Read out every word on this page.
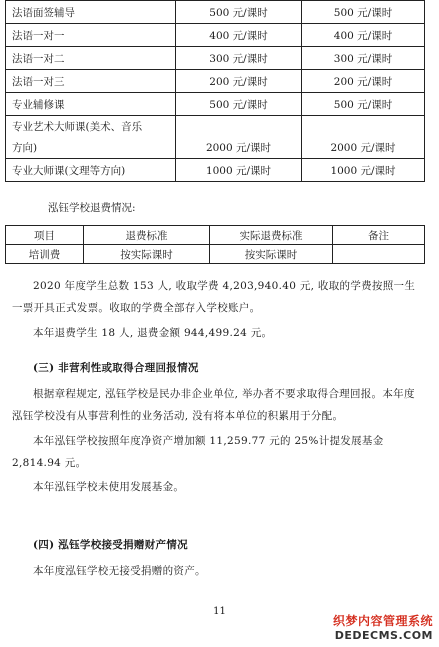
法语面签辅导	500 元/课时	500 元/课时
法语一对一	400 元/课时	400 元/课时
法语一对二	300 元/课时	300 元/课时
法语一对三	200 元/课时	200 元/课时
专业辅修课	500 元/课时	500 元/课时
专业艺术大师课(美术、音乐		
方向)	2000 元/课时	2000 元/课时
专业大师课(文理等方向)	1000 元/课时	1000 元/课时
泓钰学校退费情况:
项目	退费标准	实际退费标准	备注
培训费	按实际课时	按实际课时	
2020 年度学生总数 153 人, 收取学费 4,203,940.40 元, 收取的学费按照一生一票开具正式发票。收取的学费全部存入学校账户。
本年退费学生 18 人, 退费金额 944,499.24 元。
(三) 非营利性或取得合理回报情况
根据章程规定, 泓钰学校是民办非企业单位, 举办者不要求取得合理回报。本年度泓钰学校没有从事营利性的业务活动, 没有将本单位的积累用于分配。
本年泓钰学校按照年度净资产增加额 11,259.77 元的 25%计提发展基金 2,814.94 元。
本年泓钰学校未使用发展基金。
(四) 泓钰学校接受捐赠财产情况
本年度泓钰学校无接受捐赠的资产。
11
织梦内容管理系统
DEDECMS.COM
